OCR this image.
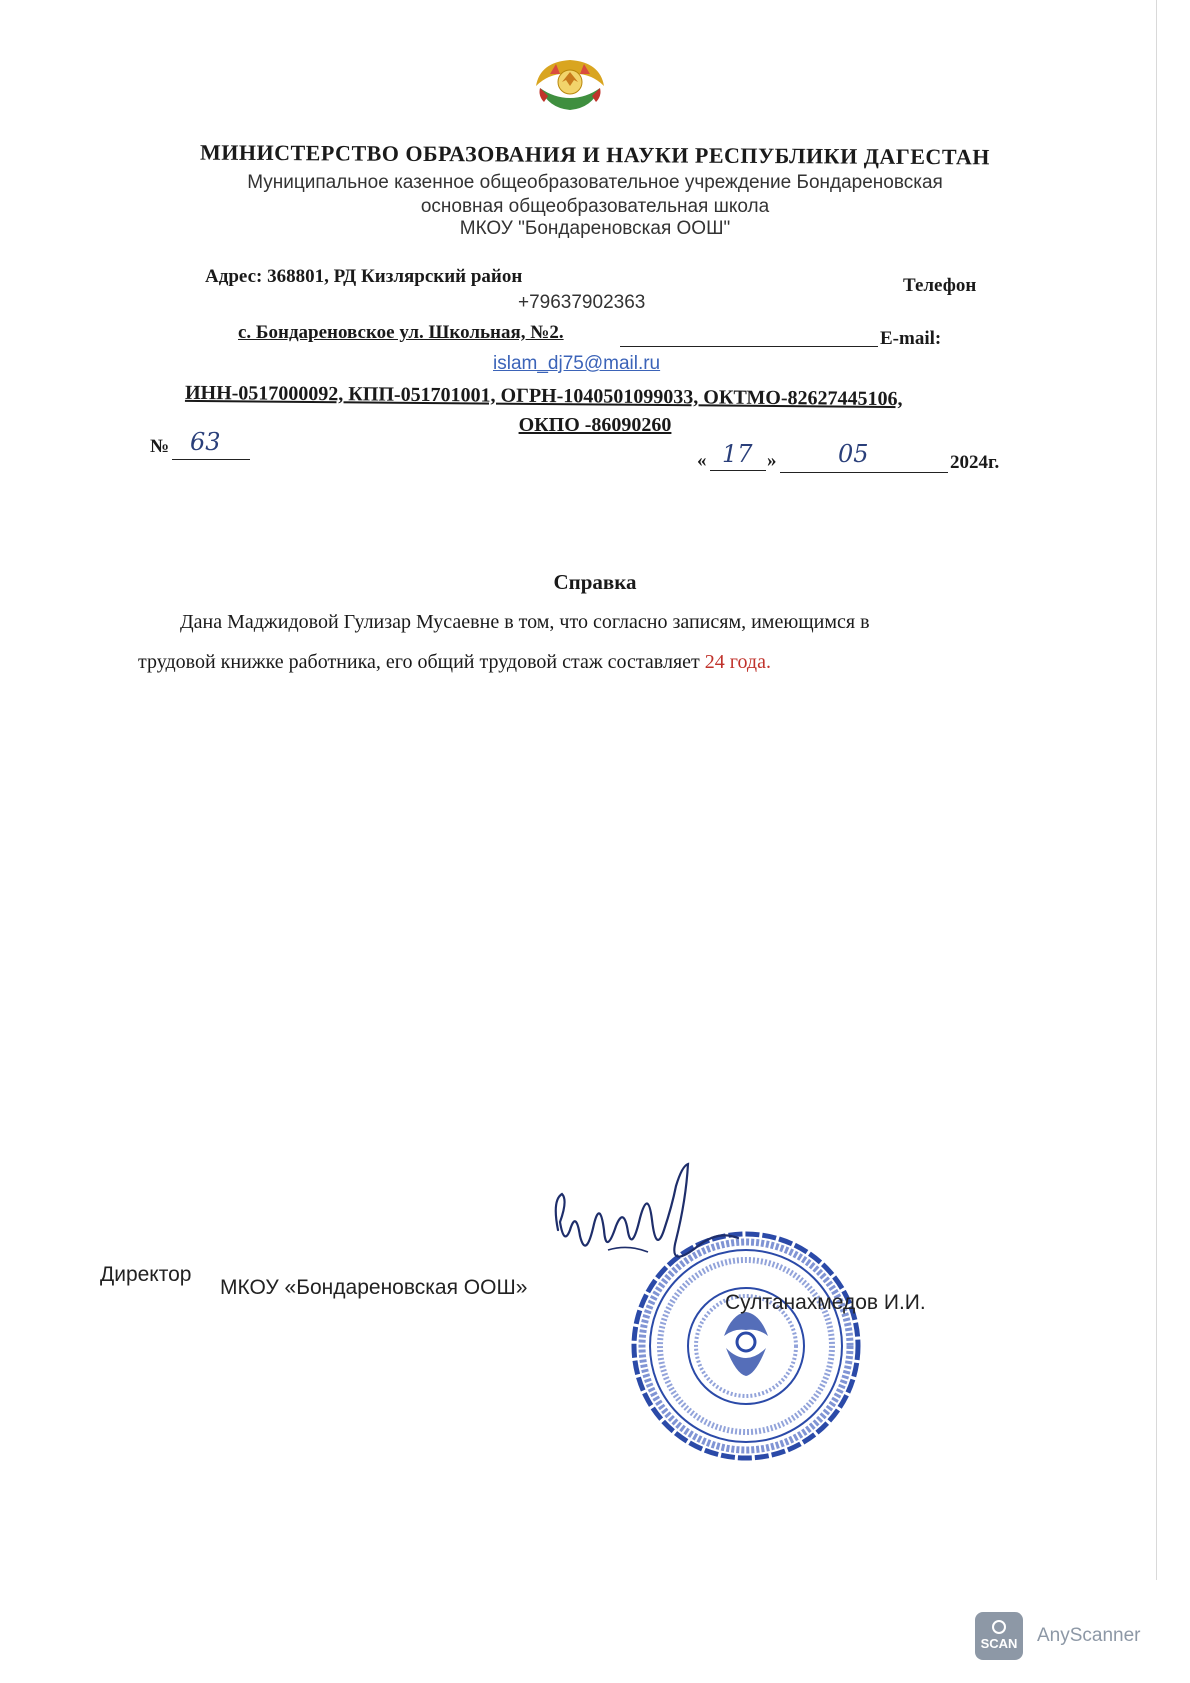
МИНИСТЕРСТВО ОБРАЗОВАНИЯ И НАУКИ РЕСПУБЛИКИ ДАГЕСТАН
Муниципальное казенное общеобразовательное учреждение Бондареновская
основная общеобразовательная школа
МКОУ "Бондареновская ООШ"
Адрес: 368801, РД Кизлярский район	Телефон
+79637902363
с. Бондареновское ул. Школьная, №2.	E-mail:
islam_dj75@mail.ru
ИНН-0517000092, КПП-051701001, ОГРН-1040501099033, ОКТМО-82627445106,
ОКПО -86090260
№ 63
« 17 »	05	2024г.
Справка
Дана Маджидовой Гулизар Мусаевне в том, что согласно записям, имеющимся в
трудовой книжке работника, его общий трудовой стаж составляет 24 года.
Директор
МКОУ «Бондареновская ООШ»
Султанахмедов И.И.
SCAN AnyScanner
